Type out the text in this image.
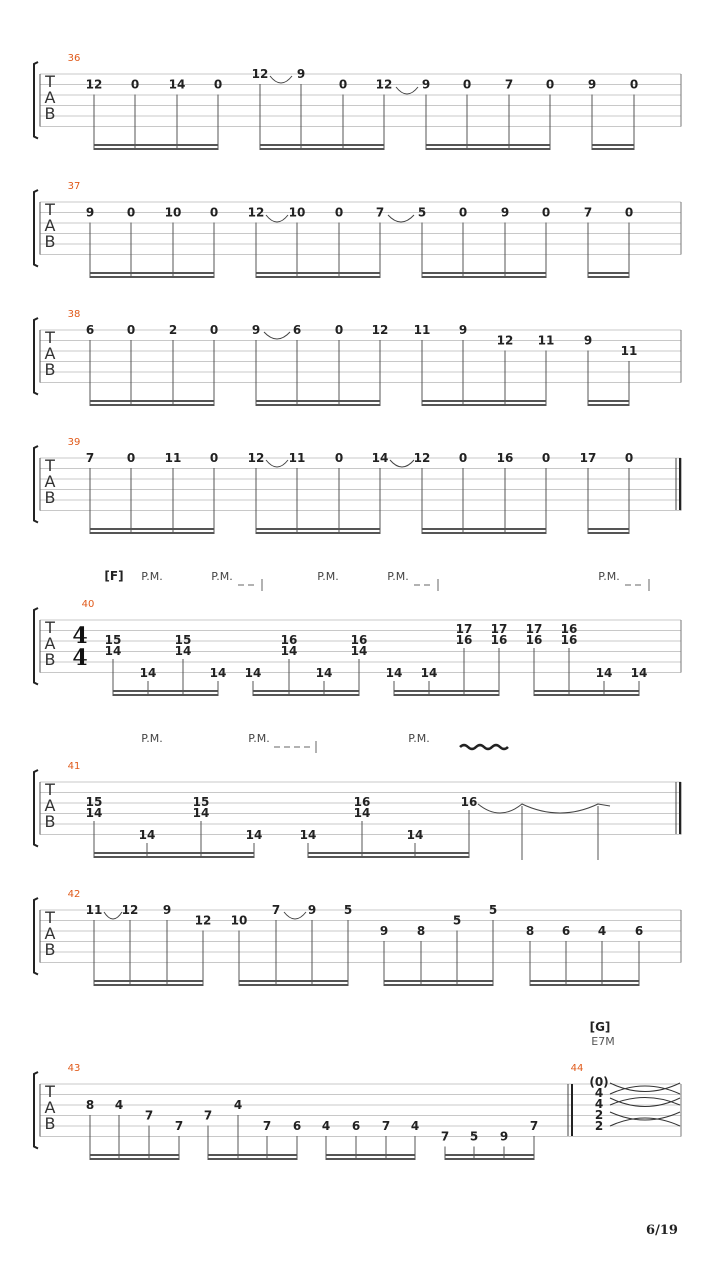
T
A
B
36
12 0 14 0
12 9
0 12 9	0	7	0	9	0
T
A
B
37
9	0 10 0 12 10 0	7	5	0	9	0	7	0
T
A
B
38
6	0	2	0	9	6	0 12 11 9
12 11 9
11
T
A
B
39
7	0 11 0 12 11 0 14 12 0 16 0 17 0
T
A
B
40
[F]
4
4
P.M.	P.M.	P.M.	P.M.	P.M.
15
14
14
15
14
14 14
16
14
14
16
14
14 14
17
16
17
16
17
16
16
16
14 14
T
A
B
41
P.M.	P.M.	P.M.
15
14
14
15
14
14	14
16
14
14
16
T
A
B
42
11 12 9
12 10
7 9 5
9 8
5
5
8 6 4 6
T
A
B
43
8 4
7
7
7
4
7 6 4 6 7 4
7 5 9
7
44
[G]
E7M
(0)
4
4
2
2
6/19
